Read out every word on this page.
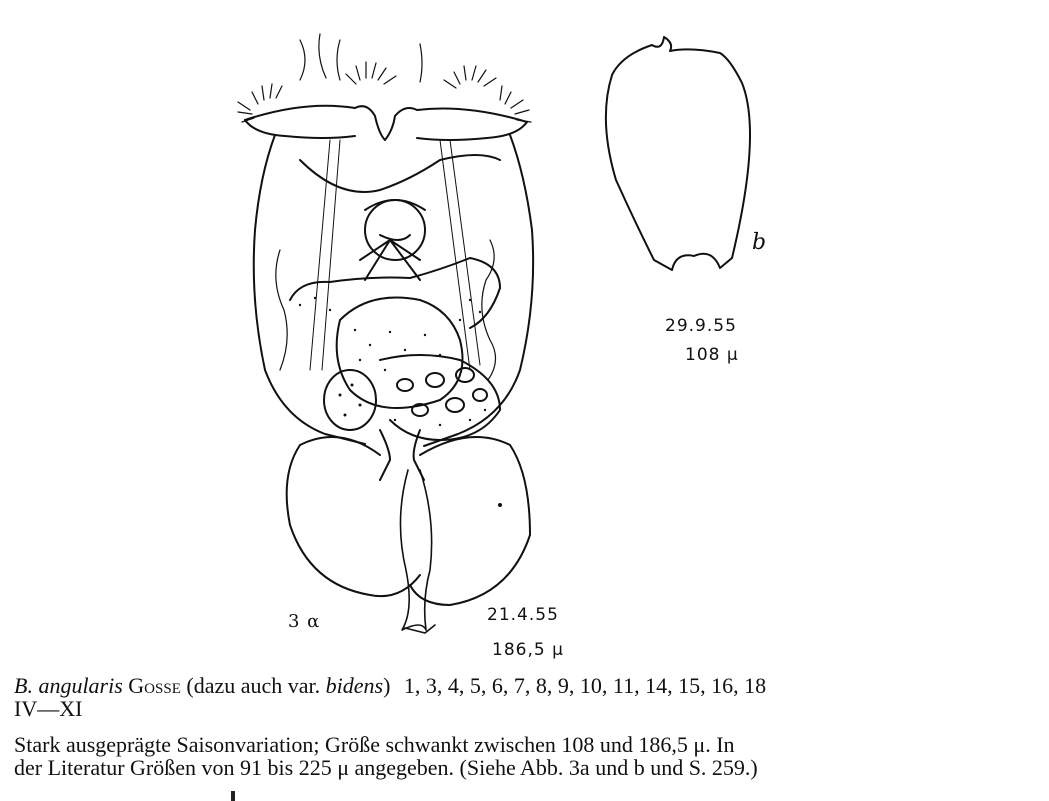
3 α	21.4.55
186,5 μ
b
29.9.55
108 μ
B. angularis Gosse (dazu auch var. bidens) 1, 3, 4, 5, 6, 7, 8, 9, 10, 11, 14, 15, 16, 18
IV—XI
Stark ausgeprägte Saisonvariation; Größe schwankt zwischen 108 und 186,5 μ. In
der Literatur Größen von 91 bis 225 μ angegeben. (Siehe Abb. 3a und b und S. 259.)
